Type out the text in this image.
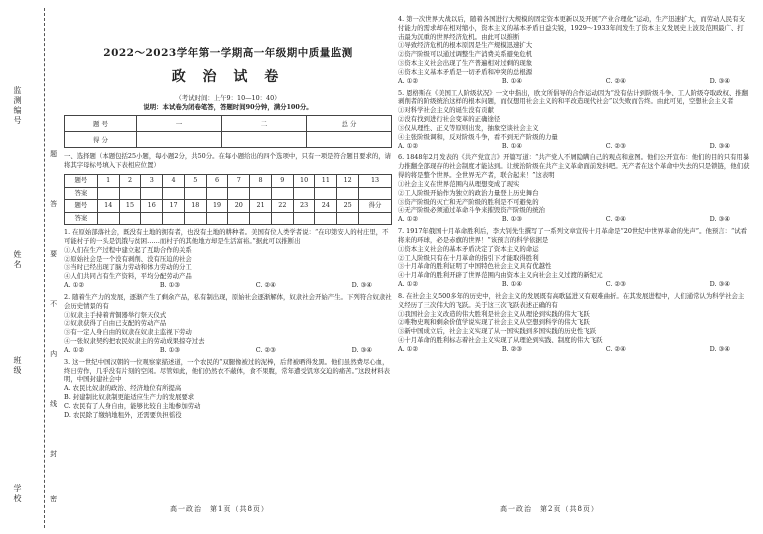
监测编号
姓名
班级
学校
题
答
要
不
内
线
封
密
2022～2023学年第一学期高一年级期中质量监测
政 治 试 卷
（考试时间：上午9：10—10：40）
说明：本试卷为闭卷笔答，答题时间90分钟，满分100分。
题 号	一	二	总 分
得 分			
一、选择题（本题包括25小题，每小题2分，共50分。在每小题给出的四个选项中，只有一项是符合题目要求的，请将其字母标号填入下表相应位置）
题号	1	2	3	4	5	6	7	8	9	10	11	12	13
答案													
题号	14	15	16	17	18	19	20	21	22	23	24	25	得分
答案													
1. 在原始部落社会，既没有土地的拥有者，也没有土地的耕种者。美国有位人类学者说：“在印第安人的村庄里，不可能村子的一头是饥饿与贫困……而村子的其他地方却是生活富裕。”据此可以推断出
①人们在生产过程中建立起了互助合作的关系
②原始社会是一个没有剥削、没有压迫的社会
③当时已经出现了脑力劳动和体力劳动的分工
④人们共同占有生产资料，平均分配劳动产品
A. ①②	B. ①③	C. ②④	D. ③④
2. 随着生产力的发展，逐渐产生了剩余产品，私有制出现，原始社会逐渐解体，奴隶社会开始产生。下列符合奴隶社会历史情景的有
①奴隶主手持着青铜器举行祭天仪式
②奴隶获得了自由已支配的劳动产品
③有一定人身自由的奴隶在奴隶主监视下劳动
④一张奴隶契约把农民奴隶主的劳动成果掠夺过去
A. ①②	B. ①③	C. ②③	D. ③④
3. 这一世纪中国汉朝的一位观察家描述道，一个农民的“双腿像被过的泥棒，后背被晒得发黑。他们虽然费尽心血，终日劳作，几乎没有片刻的空闲。尽管如此，他们仍然衣不蔽体，食不果腹，常年遭受饥寒交迫的痛苦。”这段材料表明，中国封建社会中
A. 农民比奴隶的政治、经济地位有所提高
B. 封建制比奴隶制更能适应生产力的发展要求
C. 农民有了人身自由，能够比较自主地参加劳动
D. 农民除了缴纳地租外，还需要负担徭役
4. 第一次世界大战以后，随着各国进行大规模的固定资本更新以及开展“产业合理化”运动，生产迅速扩大，而劳动人民有支付能力的需求却在相对缩小，资本主义的基本矛盾日益尖锐，1929～1933年间发生了资本主义发展史上波及范围最广、打击最为沉重的世界经济危机。由此可以推断
①导致经济危机的根本原因是生产规模迅速扩大
②资产阶级可以通过调整生产消费关系避免危机
③资本主义社会出现了生产普遍相对过剩的现象
④资本主义基本矛盾是一切矛盾和冲突的总根源
A. ①②	B. ①④	C. ②④	D. ③④
5. 恩格斯在《美国工人阶级状况》一文中指出，欧文所倡导的合作运动因为“没有估计到阶级斗争、工人阶级夺取政权、推翻剥削者的阶级统治这样的根本问题，而仅想用社会主义的和平改造现代社会”以失败而告终。由此可见，空想社会主义者
①对科学社会主义的诞生没有贡献
②没有找到进行社会变革的正确途径
③仅从理性、正义等原则出发，抽象空谈社会主义
④主张阶级调和，反对阶级斗争，看不到无产阶级的力量
A. ①②	B. ①④	C. ②③	D. ③④
6. 1848年2月发表的《共产党宣言》开篇写道：“共产党人不屑隐瞒自己的观点和意图。他们公开宣布：他们的目的只有用暴力推翻全部现存的社会制度才能达到。让统治阶级在共产主义革命面前发抖吧。无产者在这个革命中失去的只是锁链，他们获得的将是整个世界。全世界无产者，联合起来！”这表明
①社会主义在世界范围内从理想变成了现实
②工人阶级开始作为独立的政治力量登上历史舞台
③资产阶级的灭亡和无产阶级的胜利是不可避免的
④无产阶级必须通过革命斗争来摧毁资产阶级的统治
A. ①②	B. ①③	C. ②④	D. ③④
7. 1917年俄国十月革命胜利后，李大钊先生撰写了一系列文章宣传十月革命是“20世纪中世界革命的先声”。他预言：“试看将来的环球，必是赤旗的世界！”该预言的科学依据是
①资本主义社会的基本矛盾决定了资本主义的命运
②工人阶级只有在十月革命的指引下才能取得胜利
③十月革命的胜利证明了中国特色社会主义具有优越性
④十月革命的胜利开辟了世界范围内由资本主义向社会主义过渡的新纪元
A. ①②	B. ①④	C. ②③	D. ③④
8. 在社会主义500多年的历史中，社会主义的发展既有高歌猛进又有艰难曲折。在其发展进程中，人们通常认为科学社会主义经历了三次伟大的飞跃。关于这三次飞跃表述正确的有
①我国社会主义改造的伟大胜利是社会主义从理论到实践的伟大飞跃
②唯物史观和剩余价值学说实现了社会主义从空想到科学的伟大飞跃
③新中国成立后，社会主义实现了从一国实践到多国实践的历史性飞跃
④十月革命的胜利标志着社会主义实现了从理论到实践、制度的伟大飞跃
A. ①②	B. ②③	C. ②④	D. ③④
高一政治　第1页（共8页）	高一政治　第2页（共8页）
